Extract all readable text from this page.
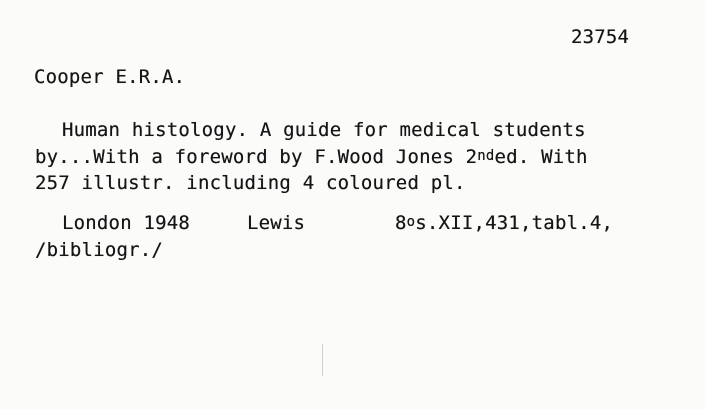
23754
Cooper E.R.A.
Human histology. A guide for medical students
by...With a foreword by F.Wood Jones 2nded. With
257 illustr. including 4 coloured pl.
London 1948	Lewis	8$^o$s.XII,431,tabl.4,
/bibliogr./
